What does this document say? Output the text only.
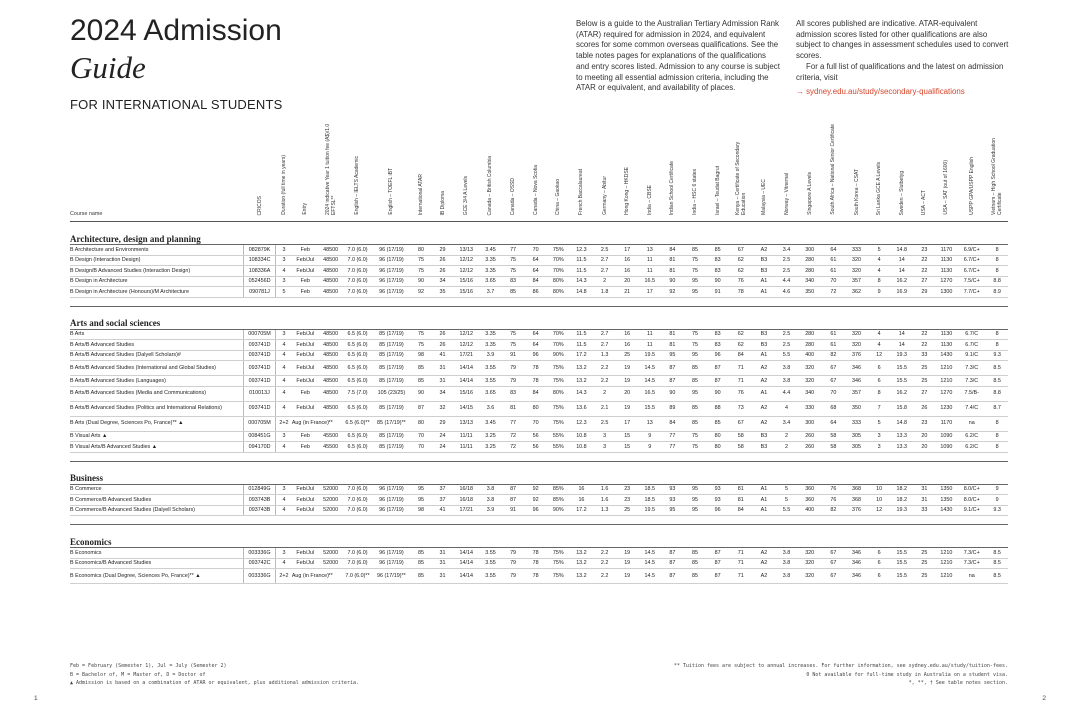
2024 Admission
Guide
FOR INTERNATIONAL STUDENTS
Below is a guide to the Australian Tertiary Admission Rank (ATAR) required for admission in 2024, and equivalent scores for some common overseas qualifications. See the table notes pages for explanations of the qualifications and entry scores listed. Admission to any course is subject to meeting all essential admission criteria, including the ATAR or equivalent, and availability of places.
All scores published are indicative. ATAR-equivalent admission scores listed for other qualifications are also subject to changes in assessment schedules used to convert scores.
For a full list of qualifications and the latest on admission criteria, visit
→ sydney.edu.au/study/secondary-qualifications
Course name	CRICOS	Duration (full time in years)	Entry	2024 indicative Year 1 tuition fee (A$)/1.0 EFTSL**	English – IELTS Academic	English – TOEFL iBT	International ATAR	IB Diploma	GCE 3/4 A Levels	Canada – British Columbia	Canada – OSSD	Canada – Nova Scotia	China – Gaokao	French Baccalaureat	Germany – Abitur	Hong Kong – HKDSE	India – CBSE	Indian School Certificate	India – HSC 6 states	Israel – Teudat Bagrut	Kenya – Certificate of Secondary Education	Malaysia – UEC	Norway – Vitnemal	Singapore A Levels	South Africa – National Senior Certificate	South Korea – CSAT	Sri Lanka GCE A Levels	Sweden – Slutbetyg	USA – ACT	USA – SAT (out of 1600)	USPP GPA/USPP English	Vietnam – High School Graduation Certificate
Architecture, design and planning																																
B Architecture and Environments	082879K	3	Feb	48500	7.0 (6.0)	96 (17/19)	80	29	13/13	3.45	77	70	75%	12.3	2.5	17	13	84	85	85	67	A2	3.4	300	64	333	5	14.8	23	1170	6.9/C+	8
B Design (Interaction Design)	108334C	3	Feb/Jul	48500	7.0 (6.0)	96 (17/19)	75	26	12/12	3.35	75	64	70%	11.5	2.7	16	11	81	75	83	62	B3	2.5	280	61	320	4	14	22	1130	6.7/C+	8
B Design/B Advanced Studies (Interaction Design)	108336A	4	Feb/Jul	48500	7.0 (6.0)	96 (17/19)	75	26	12/12	3.35	75	64	70%	11.5	2.7	16	11	81	75	83	62	B3	2.5	280	61	320	4	14	22	1130	6.7/C+	8
B Design in Architecture	052456D	3	Feb	48500	7.0 (6.0)	96 (17/19)	90	34	15/16	3.65	83	84	80%	14.3	2	20	16.5	90	95	90	76	A1	4.4	340	70	357	8	16.2	27	1270	7.5/C+	8.8
B Design in Architecture (Honours)/M Architecture	090781J	5	Feb	48500	7.0 (6.0)	96 (17/19)	92	35	15/16	3.7	85	86	80%	14.8	1.8	21	17	92	95	91	78	A1	4.6	350	72	362	9	16.9	29	1300	7.7/C+	8.9

Arts and social sciences																																
B Arts	000705M	3	Feb/Jul	48500	6.5 (6.0)	85 (17/19)	75	26	12/12	3.35	75	64	70%	11.5	2.7	16	11	81	75	83	62	B3	2.5	280	61	320	4	14	22	1130	6.7/C	8
B Arts/B Advanced Studies	093741D	4	Feb/Jul	48500	6.5 (6.0)	85 (17/19)	75	26	12/12	3.35	75	64	70%	11.5	2.7	16	11	81	75	83	62	B3	2.5	280	61	320	4	14	22	1130	6.7/C	8
B Arts/B Advanced Studies (Dalyell Scholars)#	093741D	4	Feb/Jul	48500	6.5 (6.0)	85 (17/19)	98	41	17/21	3.9	91	96	90%	17.2	1.3	25	19.5	95	95	96	84	A1	5.5	400	82	376	12	19.3	33	1430	9.1/C	9.3
B Arts/B Advanced Studies (International and Global Studies)	093741D	4	Feb/Jul	48500	6.5 (6.0)	85 (17/19)	85	31	14/14	3.55	79	78	75%	13.2	2.2	19	14.5	87	85	87	71	A2	3.8	320	67	346	6	15.5	25	1210	7.3/C	8.5
B Arts/B Advanced Studies (Languages)	093741D	4	Feb/Jul	48500	6.5 (6.0)	85 (17/19)	85	31	14/14	3.55	79	78	75%	13.2	2.2	19	14.5	87	85	87	71	A2	3.8	320	67	346	6	15.5	25	1210	7.3/C	8.5
B Arts/B Advanced Studies (Media and Communications)	010013J	4	Feb	48500	7.5 (7.0)	105 (23/25)	90	34	15/16	3.65	83	84	80%	14.3	2	20	16.5	90	95	90	76	A1	4.4	340	70	357	8	16.2	27	1270	7.5/B-	8.8
B Arts/B Advanced Studies (Politics and International Relations)	093741D	4	Feb/Jul	48500	6.5 (6.0)	85 (17/19)	87	32	14/15	3.6	81	80	75%	13.6	2.1	19	15.5	89	85	88	73	A2	4	330	68	350	7	15.8	26	1230	7.4/C	8.7
B Arts (Dual Degree, Sciences Po, France)** ▲	000705M	2+2	Aug (in France)	**	6.5 (6.0)**	85 (17/19)**	80	29	13/13	3.45	77	70	75%	12.3	2.5	17	13	84	85	85	67	A2	3.4	300	64	333	5	14.8	23	1170	na	8
B Visual Arts ▲	008451G	3	Feb	45500	6.5 (6.0)	85 (17/19)	70	24	11/11	3.25	72	56	55%	10.8	3	15	9	77	75	80	58	B3	2	260	58	305	3	13.3	20	1090	6.2/C	8
B Visual Arts/B Advanced Studies ▲	094170D	4	Feb	45500	6.5 (6.0)	85 (17/19)	70	24	11/11	3.25	72	56	55%	10.8	3	15	9	77	75	80	58	B3	2	260	58	305	3	13.3	20	1090	6.2/C	8

Business																																
B Commerce	012849G	3	Feb/Jul	52000	7.0 (6.0)	96 (17/19)	95	37	16/18	3.8	87	92	85%	16	1.6	23	18.5	93	95	93	81	A1	5	360	76	368	10	18.2	31	1350	8.0/C+	9
B Commerce/B Advanced Studies	093743B	4	Feb/Jul	52000	7.0 (6.0)	96 (17/19)	95	37	16/18	3.8	87	92	85%	16	1.6	23	18.5	93	95	93	81	A1	5	360	76	368	10	18.2	31	1350	8.0/C+	9
B Commerce/B Advanced Studies (Dalyell Scholars)	093743B	4	Feb/Jul	52000	7.0 (6.0)	96 (17/19)	98	41	17/21	3.9	91	96	90%	17.2	1.3	25	19.5	95	95	96	84	A1	5.5	400	82	376	12	19.3	33	1430	9.1/C+	9.3

Economics																																
B Economics	003336G	3	Feb/Jul	52000	7.0 (6.0)	96 (17/19)	85	31	14/14	3.55	79	78	75%	13.2	2.2	19	14.5	87	85	87	71	A2	3.8	320	67	346	6	15.5	25	1210	7.3/C+	8.5
B Economics/B Advanced Studies	093742C	4	Feb/Jul	52000	7.0 (6.0)	96 (17/19)	85	31	14/14	3.55	79	78	75%	13.2	2.2	19	14.5	87	85	87	71	A2	3.8	320	67	346	6	15.5	25	1210	7.3/C+	8.5
B Economics (Dual Degree, Sciences Po, France)** ▲	003336G	2+2	Aug (in France)	**	7.0 (6.0)**	96 (17/19)**	85	31	14/14	3.55	79	78	75%	13.2	2.2	19	14.5	87	85	87	71	A2	3.8	320	67	346	6	15.5	25	1210	na	8.5
Feb = February (Semester 1), Jul = July (Semester 2)
B = Bachelor of, M = Master of, D = Doctor of
▲ Admission is based on a combination of ATAR or equivalent, plus additional admission criteria.
** Tuition fees are subject to annual increases. For further information, see sydney.edu.au/study/tuition-fees.
0 Not available for full-time study in Australia on a student visa.
*, **, † See table notes section.
1	2
